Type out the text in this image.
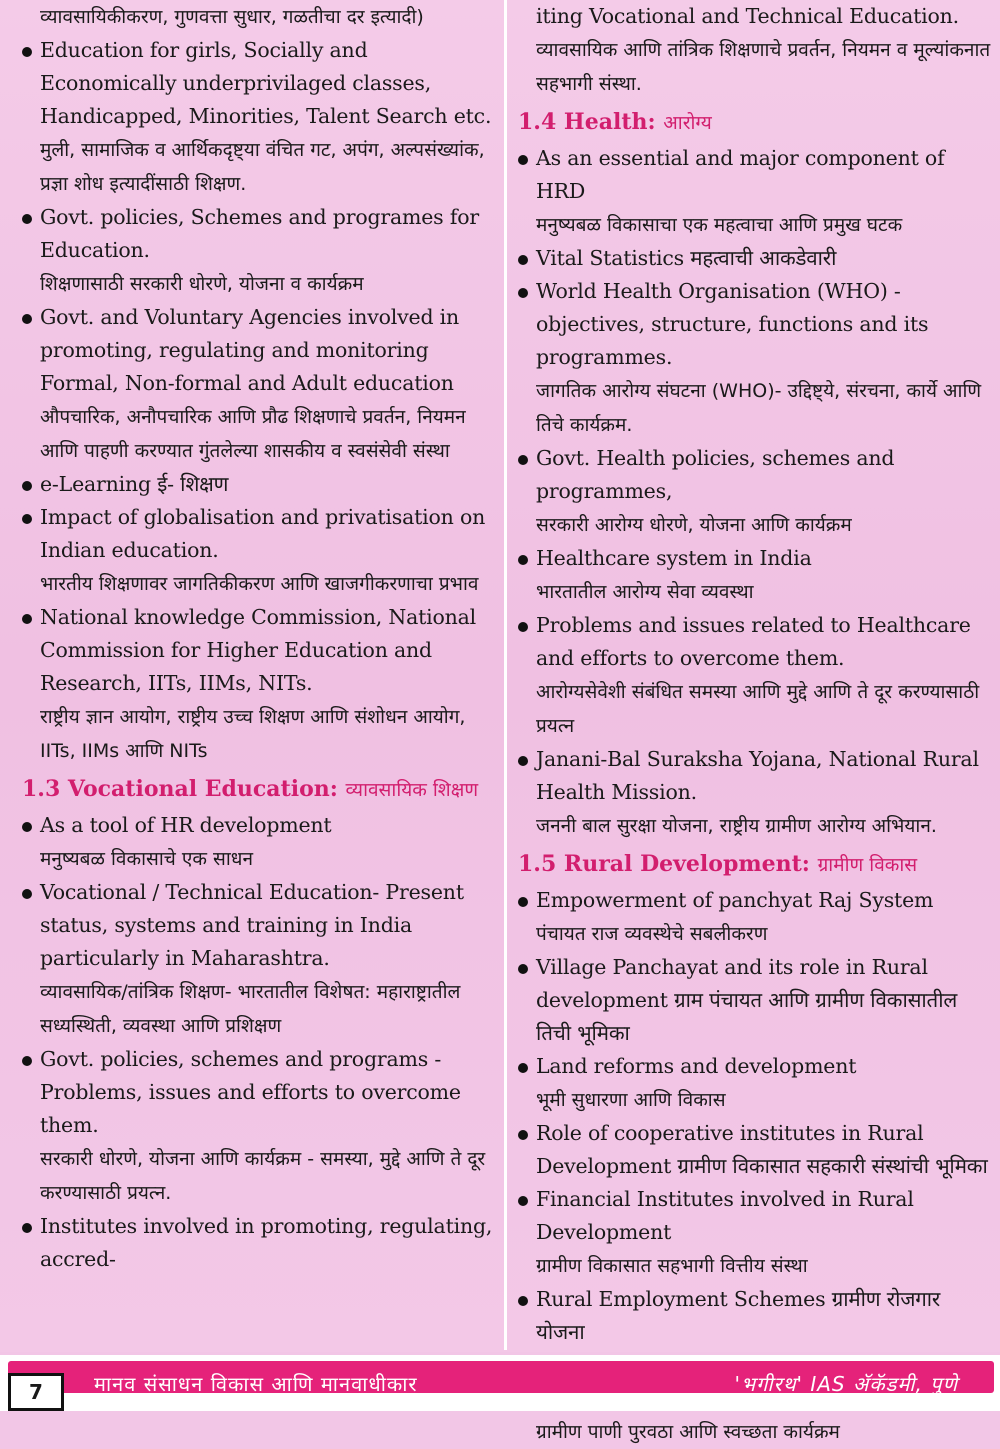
व्यावसायिकीकरण, गुणवत्ता सुधार, गळतीचा दर इत्यादी)
Education for girls, Socially and Economically underprivilaged classes, Handicapped, Minorities, Talent Search etc.
मुली, सामाजिक व आर्थिकदृष्ट्या वंचित गट, अपंग, अल्पसंख्यांक, प्रज्ञा शोध इत्यादींसाठी शिक्षण.
Govt. policies, Schemes and programes for Education.
शिक्षणासाठी सरकारी धोरणे, योजना व कार्यक्रम
Govt. and Voluntary Agencies involved in promoting, regulating and monitoring Formal, Non-formal and Adult education
औपचारिक, अनौपचारिक आणि प्रौढ शिक्षणाचे प्रवर्तन, नियमन आणि पाहणी करण्यात गुंतलेल्या शासकीय व स्वसंसेवी संस्था
e-Learning ई- शिक्षण
Impact of globalisation and privatisation on Indian education.
भारतीय शिक्षणावर जागतिकीकरण आणि खाजगीकरणाचा प्रभाव
National knowledge Commission, National Commission for Higher Education and Research, IITs, IIMs, NITs.
राष्ट्रीय ज्ञान आयोग, राष्ट्रीय उच्च शिक्षण आणि संशोधन आयोग, IITs, IIMs आणि NITs
1.3 Vocational Education: व्यावसायिक शिक्षण
As a tool of HR development
मनुष्यबळ विकासाचे एक साधन
Vocational / Technical Education- Present status, systems and training in India particularly in Maharashtra.
व्यावसायिक/तांत्रिक शिक्षण- भारतातील विशेषत: महाराष्ट्रातील सध्यस्थिती, व्यवस्था आणि प्रशिक्षण
Govt. policies, schemes and programs - Problems, issues and efforts to overcome them.
सरकारी धोरणे, योजना आणि कार्यक्रम - समस्या, मुद्दे आणि ते दूर करण्यासाठी प्रयत्न.
Institutes involved in promoting, regulating, accred-
iting Vocational and Technical Education.
व्यावसायिक आणि तांत्रिक शिक्षणाचे प्रवर्तन, नियमन व मूल्यांकनात सहभागी संस्था.
1.4 Health: आरोग्य
As an essential and major component of HRD
मनुष्यबळ विकासाचा एक महत्वाचा आणि प्रमुख घटक
Vital Statistics महत्वाची आकडेवारी
World Health Organisation (WHO) - objectives, structure, functions and its programmes.
जागतिक आरोग्य संघटना (WHO)- उद्दिष्ट्ये, संरचना, कार्ये आणि तिचे कार्यक्रम.
Govt. Health policies, schemes and programmes,
सरकारी आरोग्य धोरणे, योजना आणि कार्यक्रम
Healthcare system in India
भारतातील आरोग्य सेवा व्यवस्था
Problems and issues related to Healthcare and efforts to overcome them.
आरोग्यसेवेशी संबंधित समस्या आणि मुद्दे आणि ते दूर करण्यासाठी प्रयत्न
Janani-Bal Suraksha Yojana, National Rural Health Mission.
जननी बाल सुरक्षा योजना, राष्ट्रीय ग्रामीण आरोग्य अभियान.
1.5 Rural Development: ग्रामीण विकास
Empowerment of panchyat Raj System
पंचायत राज व्यवस्थेचे सबलीकरण
Village Panchayat and its role in Rural development ग्राम पंचायत आणि ग्रामीण विकासातील तिची भूमिका
Land reforms and development
भूमी सुधारणा आणि विकास
Role of cooperative institutes in Rural Development ग्रामीण विकासात सहकारी संस्थांची भूमिका
Financial Institutes involved in Rural Development
ग्रामीण विकासात सहभागी वित्तीय संस्था
Rural Employment Schemes ग्रामीण रोजगार योजना
ग्रामीण पाणी पुरवठा आणि स्वच्छता कार्यक्रम
मानव संसाधन विकास आणि मानवाधीकार	'भगीरथ' IAS ॲकॅडमी, पुणे
7
